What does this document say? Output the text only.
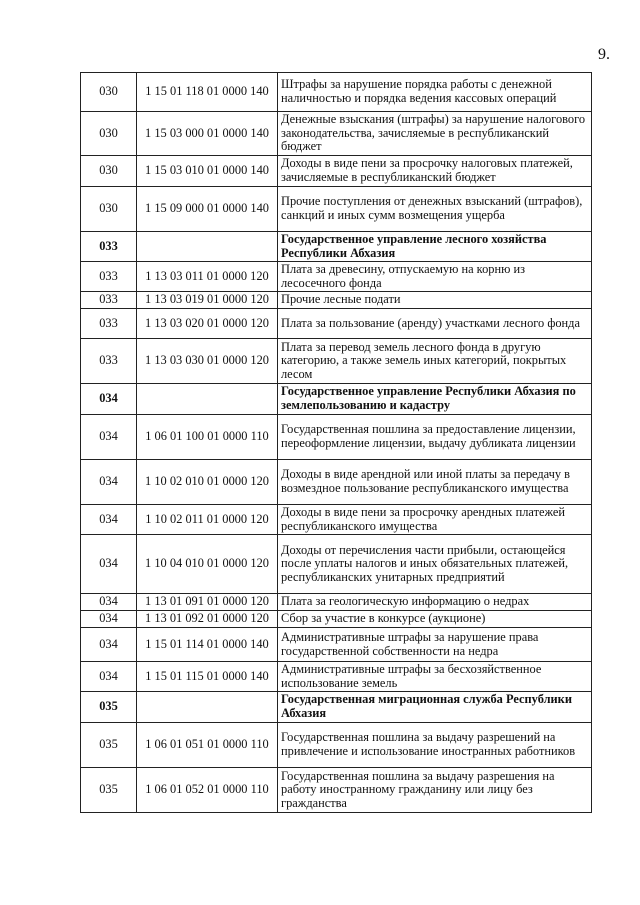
9.
030	1 15 01 118 01 0000 140	Штрафы за нарушение порядка работы с денежной наличностью и порядка ведения кассовых операций
030	1 15 03 000 01 0000 140	Денежные взыскания (штрафы) за нарушение налогового законодательства, зачисляемые в республиканский бюджет
030	1 15 03 010 01 0000 140	Доходы в виде пени за просрочку налоговых платежей, зачисляемые в республиканский бюджет
030	1 15 09 000 01 0000 140	Прочие поступления от денежных взысканий (штрафов), санкций и иных сумм возмещения ущерба
033		Государственное управление лесного хозяйства Республики Абхазия
033	1 13 03 011 01 0000 120	Плата за древесину, отпускаемую на корню из лесосечного фонда
033	1 13 03 019 01 0000 120	Прочие лесные подати
033	1 13 03 020 01 0000 120	Плата за пользование (аренду) участками лесного фонда
033	1 13 03 030 01 0000 120	Плата за перевод земель лесного фонда в другую категорию, а также земель иных категорий, покрытых лесом
034		Государственное управление Республики Абхазия по землепользованию и кадастру
034	1 06 01 100 01 0000 110	Государственная пошлина за предоставление лицензии, переоформление лицензии, выдачу дубликата лицензии
034	1 10 02 010 01 0000 120	Доходы в виде арендной или иной платы за передачу в возмездное пользование республиканского имущества
034	1 10 02 011 01 0000 120	Доходы в виде пени за просрочку арендных платежей республиканского имущества
034	1 10 04 010 01 0000 120	Доходы от перечисления части прибыли, остающейся после уплаты налогов и иных обязательных платежей, республиканских унитарных предприятий
034	1 13 01 091 01 0000 120	Плата за геологическую информацию о недрах
034	1 13 01 092 01 0000 120	Сбор за участие в конкурсе (аукционе)
034	1 15 01 114 01 0000 140	Административные штрафы за нарушение права государственной собственности на недра
034	1 15 01 115 01 0000 140	Административные штрафы за бесхозяйственное использование земель
035		Государственная миграционная служба Республики Абхазия
035	1 06 01 051 01 0000 110	Государственная пошлина за выдачу разрешений на привлечение и использование иностранных работников
035	1 06 01 052 01 0000 110	Государственная пошлина за выдачу разрешения на работу иностранному гражданину или лицу без гражданства
